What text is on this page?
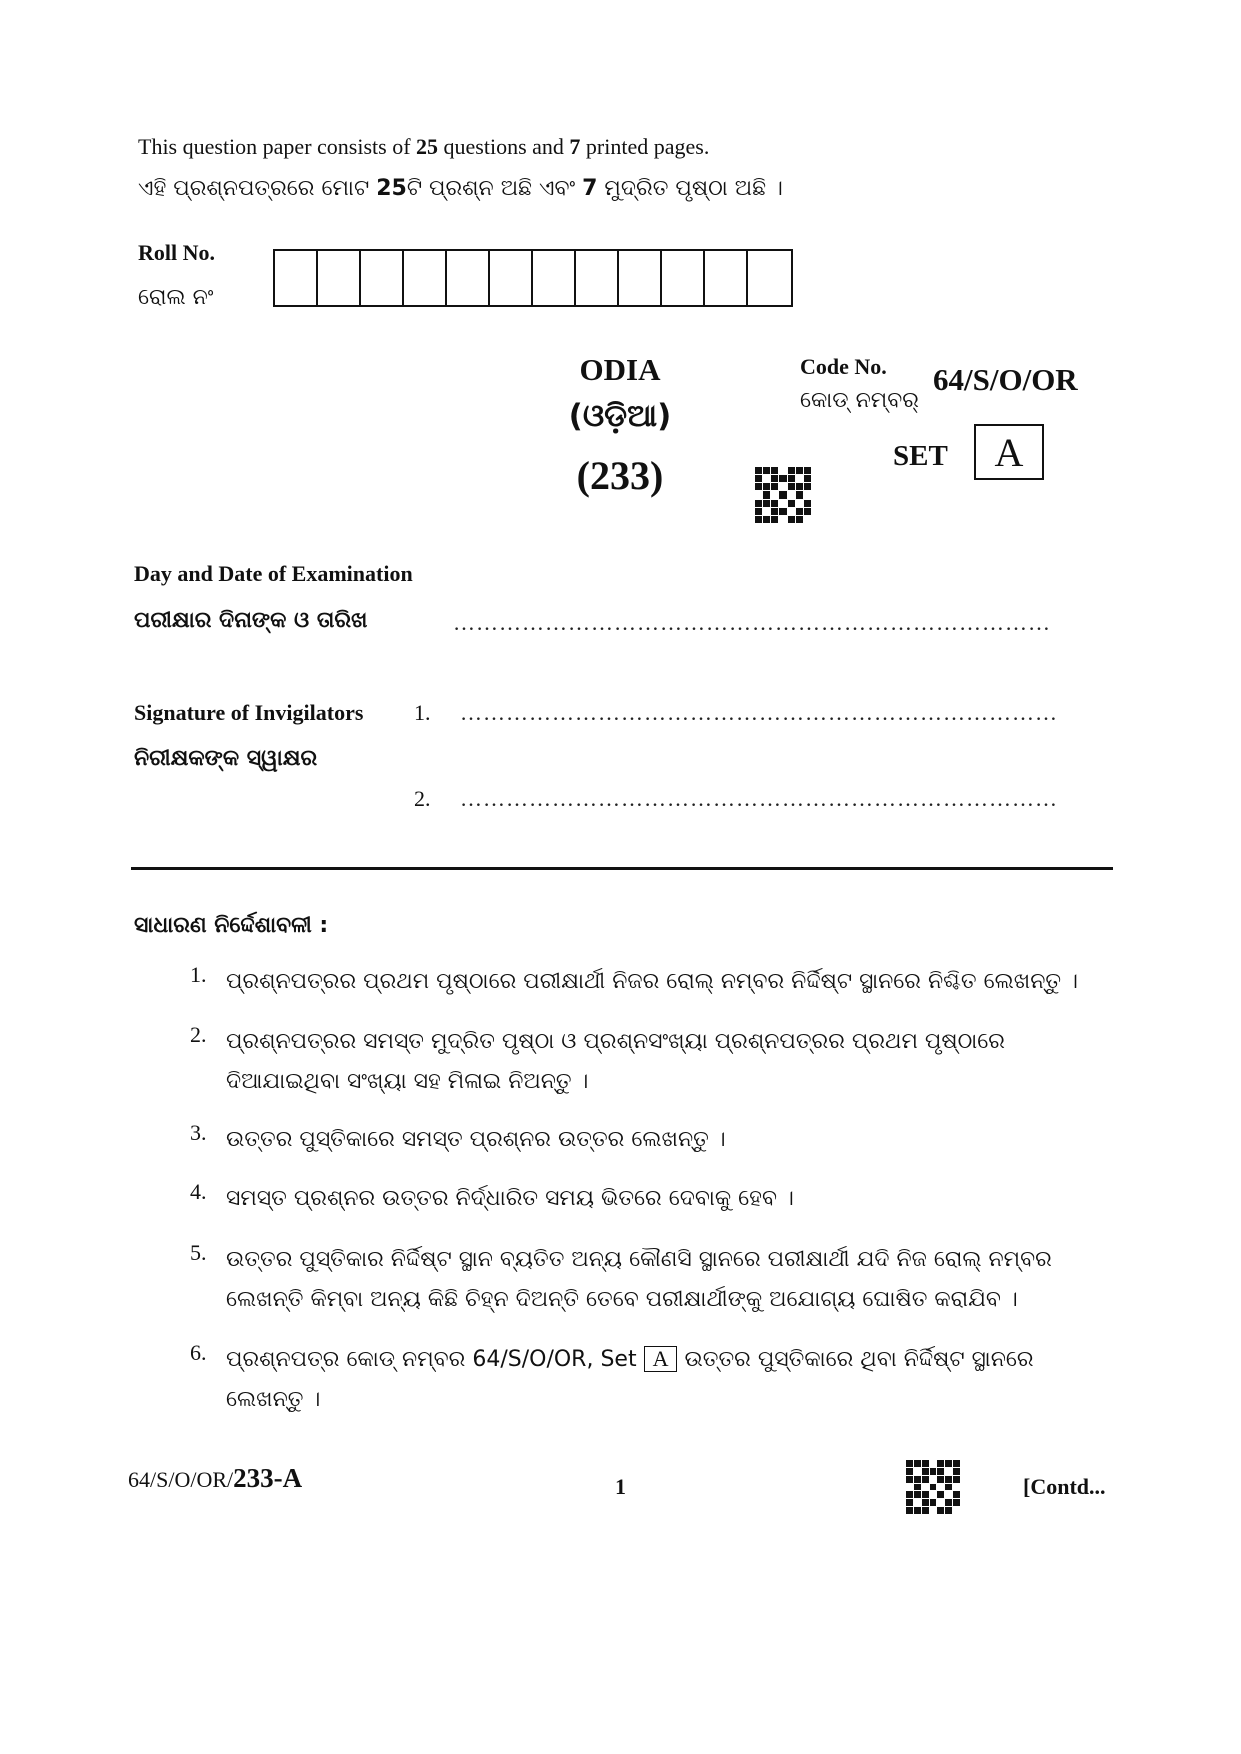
This question paper consists of 25 questions and 7 printed pages.
ଏହି ପ୍ରଶ୍ନପତ୍ରରେ ମୋଟ 25ଟି ପ୍ରଶ୍ନ ଅଛି ଏବଂ 7 ମୁଦ୍ରିତ ପୃଷ୍ଠା ଅଛି ।
Roll No.
ରୋଲ ନଂ
ODIA
(ଓଡ଼ିଆ)
(233)
Code No.
କୋଡ୍ ନମ୍ବର୍
64/S/O/OR
SET	A
Day and Date of Examination
ପରୀକ୍ଷାର ଦିନାଙ୍କ ଓ ତାରିଖ	……………………………………………………………………
Signature of Invigilators 1. ……………………………………………………………………
ନିରୀକ୍ଷକଙ୍କ ସ୍ୱାକ୍ଷର
2. ……………………………………………………………………
ସାଧାରଣ ନିର୍ଦ୍ଦେଶାବଳୀ :
1. ପ୍ରଶ୍ନପତ୍ରର ପ୍ରଥମ ପୃଷ୍ଠାରେ ପରୀକ୍ଷାର୍ଥୀ ନିଜର ରୋଲ୍ ନମ୍ବର ନିର୍ଦ୍ଦିଷ୍ଟ ସ୍ଥାନରେ ନିଶ୍ଚିତ ଲେଖନ୍ତୁ ।
2. ପ୍ରଶ୍ନପତ୍ରର ସମସ୍ତ ମୁଦ୍ରିତ ପୃଷ୍ଠା ଓ ପ୍ରଶ୍ନସଂଖ୍ୟା ପ୍ରଶ୍ନପତ୍ରର ପ୍ରଥମ ପୃଷ୍ଠାରେ ଦିଆଯାଇଥିବା ସଂଖ୍ୟା ସହ ମିଳାଇ ନିଅନ୍ତୁ ।
3. ଉତ୍ତର ପୁସ୍ତିକାରେ ସମସ୍ତ ପ୍ରଶ୍ନର ଉତ୍ତର ଲେଖନ୍ତୁ ।
4. ସମସ୍ତ ପ୍ରଶ୍ନର ଉତ୍ତର ନିର୍ଦ୍ଧାରିତ ସମୟ ଭିତରେ ଦେବାକୁ ହେବ ।
5. ଉତ୍ତର ପୁସ୍ତିକାର ନିର୍ଦ୍ଦିଷ୍ଟ ସ୍ଥାନ ବ୍ୟତିତ ଅନ୍ୟ କୌଣସି ସ୍ଥାନରେ ପରୀକ୍ଷାର୍ଥୀ ଯଦି ନିଜ ରୋଲ୍ ନମ୍ବର ଲେଖନ୍ତି କିମ୍ବା ଅନ୍ୟ କିଛି ଚିହ୍ନ ଦିଅନ୍ତି ତେବେ ପରୀକ୍ଷାର୍ଥୀଙ୍କୁ ଅଯୋଗ୍ୟ ଘୋଷିତ କରାଯିବ ।
6. ପ୍ରଶ୍ନପତ୍ର କୋଡ୍ ନମ୍ବର 64/S/O/OR, Set A ଉତ୍ତର ପୁସ୍ତିକାରେ ଥିବା ନିର୍ଦ୍ଦିଷ୍ଟ ସ୍ଥାନରେ ଲେଖନ୍ତୁ ।
64/S/O/OR/233-A	1	[Contd...
